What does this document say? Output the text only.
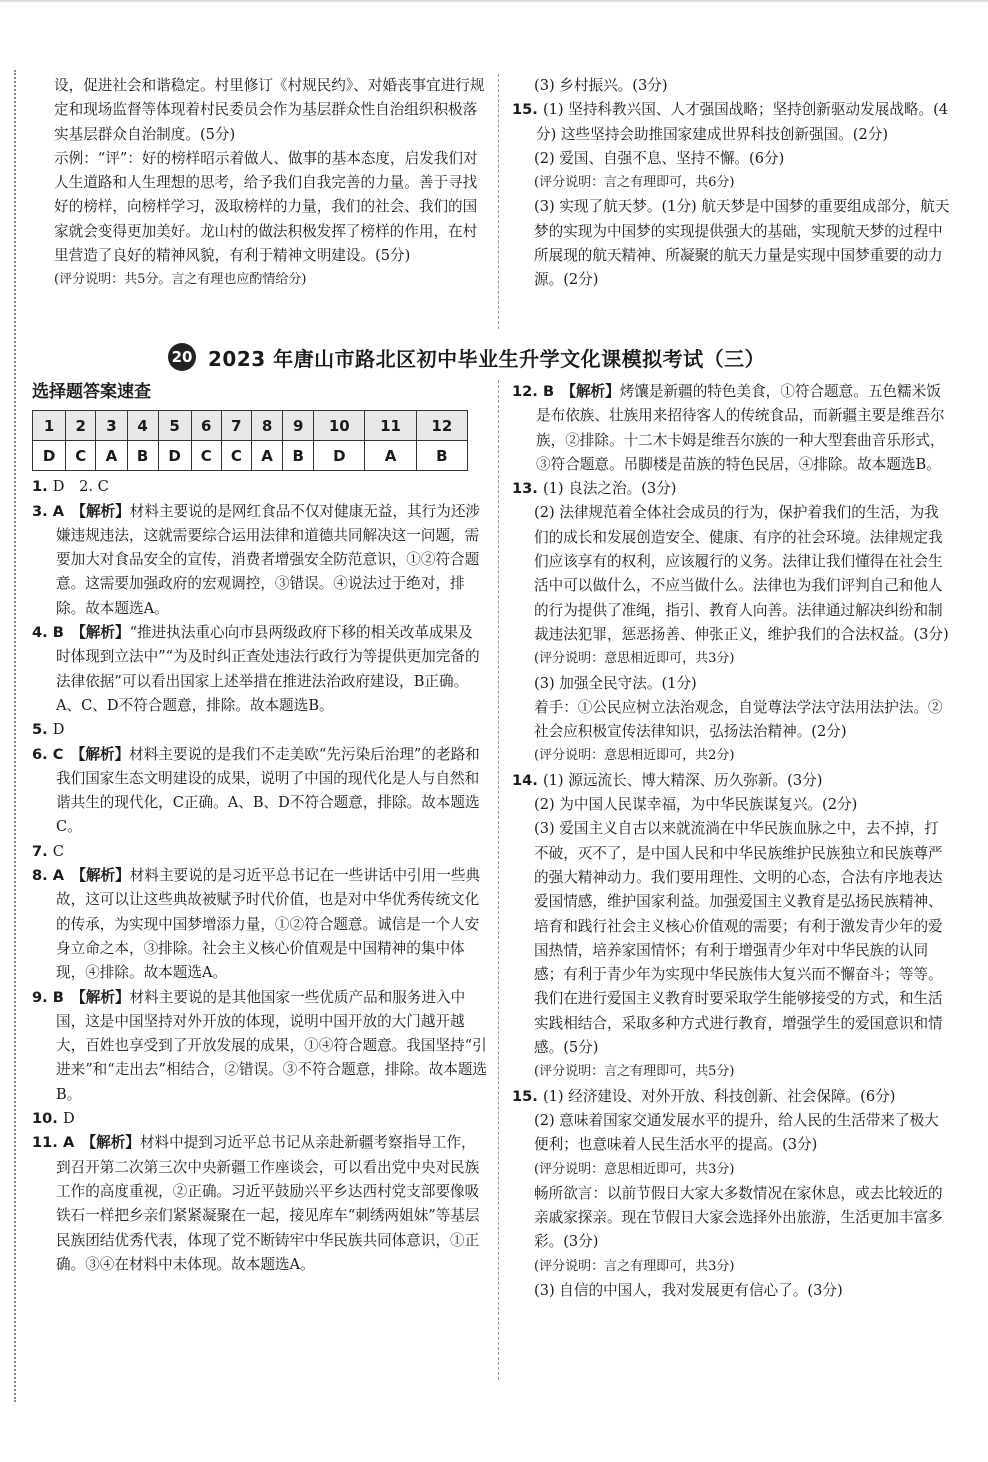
设，促进社会和谐稳定。村里修订《村规民约》、对婚丧事宜进行规定和现场监督等体现着村民委员会作为基层群众性自治组织积极落实基层群众自治制度。(5分)

示例：“评”：好的榜样昭示着做人、做事的基本态度，启发我们对人生道路和人生理想的思考，给予我们自我完善的力量。善于寻找好的榜样，向榜样学习，汲取榜样的力量，我们的社会、我们的国家就会变得更加美好。龙山村的做法积极发挥了榜样的作用，在村里营造了良好的精神风貌，有利于精神文明建设。(5分)

(评分说明：共5分。言之有理也应酌情给分)

(3) 乡村振兴。(3分)

15. (1) 坚持科教兴国、人才强国战略；坚持创新驱动发展战略。(4分) 这些坚持会助推国家建成世界科技创新强国。(2分)

(2) 爱国、自强不息、坚持不懈。(6分)

(评分说明：言之有理即可，共6分)

(3) 实现了航天梦。(1分) 航天梦是中国梦的重要组成部分，航天梦的实现为中国梦的实现提供强大的基础，实现航天梦的过程中所展现的航天精神、所凝聚的航天力量是实现中国梦重要的动力源。(2分)

20 2023 年唐山市路北区初中毕业生升学文化课模拟考试（三）
选择题答案速查
1	2	3	4	5	6	7	8	9	10	11	12
D	C	A	B	D	C	C	A	B	D	A	B

1. D　2. C

3. A　【解析】材料主要说的是网红食品不仅对健康无益，其行为还涉嫌违规违法，这就需要综合运用法律和道德共同解决这一问题，需要加大对食品安全的宣传，消费者增强安全防范意识，①②符合题意。这需要加强政府的宏观调控，③错误。④说法过于绝对，排除。故本题选A。

4. B　【解析】“推进执法重心向市县两级政府下移的相关改革成果及时体现到立法中”“为及时纠正查处违法行政行为等提供更加完备的法律依据”可以看出国家上述举措在推进法治政府建设，B正确。A、C、D不符合题意，排除。故本题选B。

5. D

6. C　【解析】材料主要说的是我们不走美欧“先污染后治理”的老路和我们国家生态文明建设的成果，说明了中国的现代化是人与自然和谐共生的现代化，C正确。A、B、D不符合题意，排除。故本题选C。

7. C

8. A　【解析】材料主要说的是习近平总书记在一些讲话中引用一些典故，这可以让这些典故被赋予时代价值，也是对中华优秀传统文化的传承，为实现中国梦增添力量，①②符合题意。诚信是一个人安身立命之本，③排除。社会主义核心价值观是中国精神的集中体现，④排除。故本题选A。

9. B　【解析】材料主要说的是其他国家一些优质产品和服务进入中国，这是中国坚持对外开放的体现，说明中国开放的大门越开越大，百姓也享受到了开放发展的成果，①④符合题意。我国坚持“引进来”和“走出去”相结合，②错误。③不符合题意，排除。故本题选B。

10. D

11. A　【解析】材料中提到习近平总书记从亲赴新疆考察指导工作，到召开第二次第三次中央新疆工作座谈会，可以看出党中央对民族工作的高度重视，②正确。习近平鼓励兴平乡达西村党支部要像吸铁石一样把乡亲们紧紧凝聚在一起，接见库车“刺绣两姐妹”等基层民族团结优秀代表，体现了党不断铸牢中华民族共同体意识，①正确。③④在材料中未体现。故本题选A。

12. B　【解析】烤馕是新疆的特色美食，①符合题意。五色糯米饭是布依族、壮族用来招待客人的传统食品，而新疆主要是维吾尔族，②排除。十二木卡姆是维吾尔族的一种大型套曲音乐形式，③符合题意。吊脚楼是苗族的特色民居，④排除。故本题选B。

13. (1) 良法之治。(3分)

(2) 法律规范着全体社会成员的行为，保护着我们的生活，为我们的成长和发展创造安全、健康、有序的社会环境。法律规定我们应该享有的权利，应该履行的义务。法律让我们懂得在社会生活中可以做什么，不应当做什么。法律也为我们评判自己和他人的行为提供了准绳，指引、教育人向善。法律通过解决纠纷和制裁违法犯罪，惩恶扬善、伸张正义，维护我们的合法权益。(3分)

(评分说明：意思相近即可，共3分)

(3) 加强全民守法。(1分)

着手：①公民应树立法治观念，自觉尊法学法守法用法护法。②社会应积极宣传法律知识，弘扬法治精神。(2分)

(评分说明：意思相近即可，共2分)

14. (1) 源远流长、博大精深、历久弥新。(3分)

(2) 为中国人民谋幸福，为中华民族谋复兴。(2分)

(3) 爱国主义自古以来就流淌在中华民族血脉之中，去不掉，打不破，灭不了，是中国人民和中华民族维护民族独立和民族尊严的强大精神动力。我们要用理性、文明的心态，合法有序地表达爱国情感，维护国家利益。加强爱国主义教育是弘扬民族精神、培育和践行社会主义核心价值观的需要；有利于激发青少年的爱国热情，培养家国情怀；有利于增强青少年对中华民族的认同感；有利于青少年为实现中华民族伟大复兴而不懈奋斗；等等。我们在进行爱国主义教育时要采取学生能够接受的方式，和生活实践相结合，采取多种方式进行教育，增强学生的爱国意识和情感。(5分)

(评分说明：言之有理即可，共5分)

15. (1) 经济建设、对外开放、科技创新、社会保障。(6分)

(2) 意味着国家交通发展水平的提升，给人民的生活带来了极大便利；也意味着人民生活水平的提高。(3分)

(评分说明：意思相近即可，共3分)

畅所欲言：以前节假日大家大多数情况在家休息，或去比较近的亲戚家探亲。现在节假日大家会选择外出旅游，生活更加丰富多彩。(3分)

(评分说明：言之有理即可，共3分)

(3) 自信的中国人，我对发展更有信心了。(3分)
